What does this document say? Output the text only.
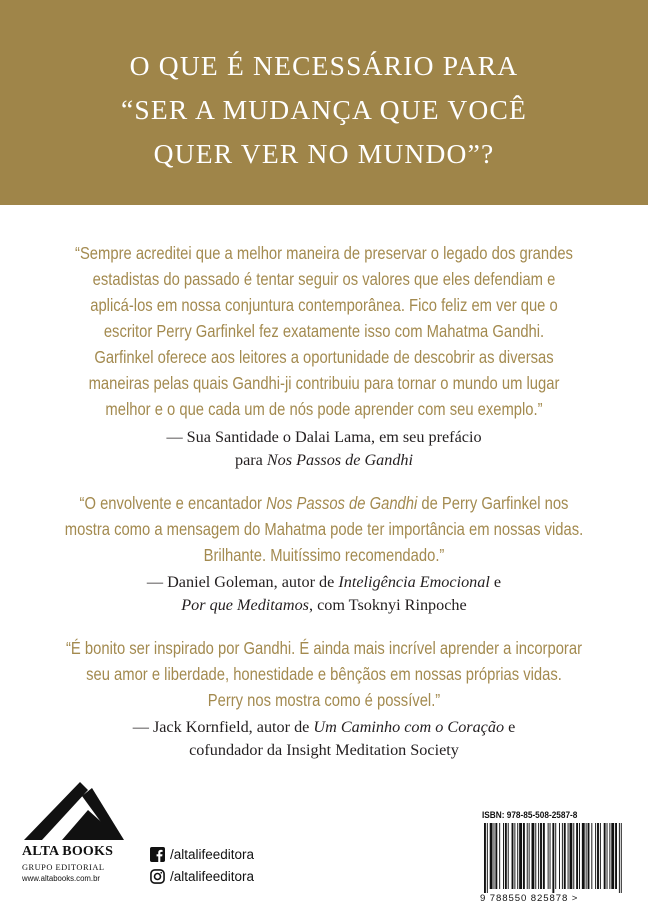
O QUE É NECESSÁRIO PARA
“SER A MUDANÇA QUE VOCÊ
QUER VER NO MUNDO”?
“Sempre acreditei que a melhor maneira de preservar o legado dos grandes
estadistas do passado é tentar seguir os valores que eles defendiam e
aplicá-los em nossa conjuntura contemporânea. Fico feliz em ver que o
escritor Perry Garfinkel fez exatamente isso com Mahatma Gandhi.
Garfinkel oferece aos leitores a oportunidade de descobrir as diversas
maneiras pelas quais Gandhi-ji contribuiu para tornar o mundo um lugar
melhor e o que cada um de nós pode aprender com seu exemplo.”
— Sua Santidade o Dalai Lama, em seu prefácio
para Nos Passos de Gandhi
“O envolvente e encantador Nos Passos de Gandhi de Perry Garfinkel nos
mostra como a mensagem do Mahatma pode ter importância em nossas vidas.
Brilhante. Muitíssimo recomendado.”
— Daniel Goleman, autor de Inteligência Emocional e
Por que Meditamos, com Tsoknyi Rinpoche
“É bonito ser inspirado por Gandhi. É ainda mais incrível aprender a incorporar
seu amor e liberdade, honestidade e bênçãos em nossas próprias vidas.
Perry nos mostra como é possível.”
— Jack Kornfield, autor de Um Caminho com o Coração e
cofundador da Insight Meditation Society
ALTA BOOKS
GRUPO EDITORIAL
www.altabooks.com.br
/altalifeeditora
/altalifeeditora
ISBN: 978-85-508-2587-8
9 788550 825878 >
